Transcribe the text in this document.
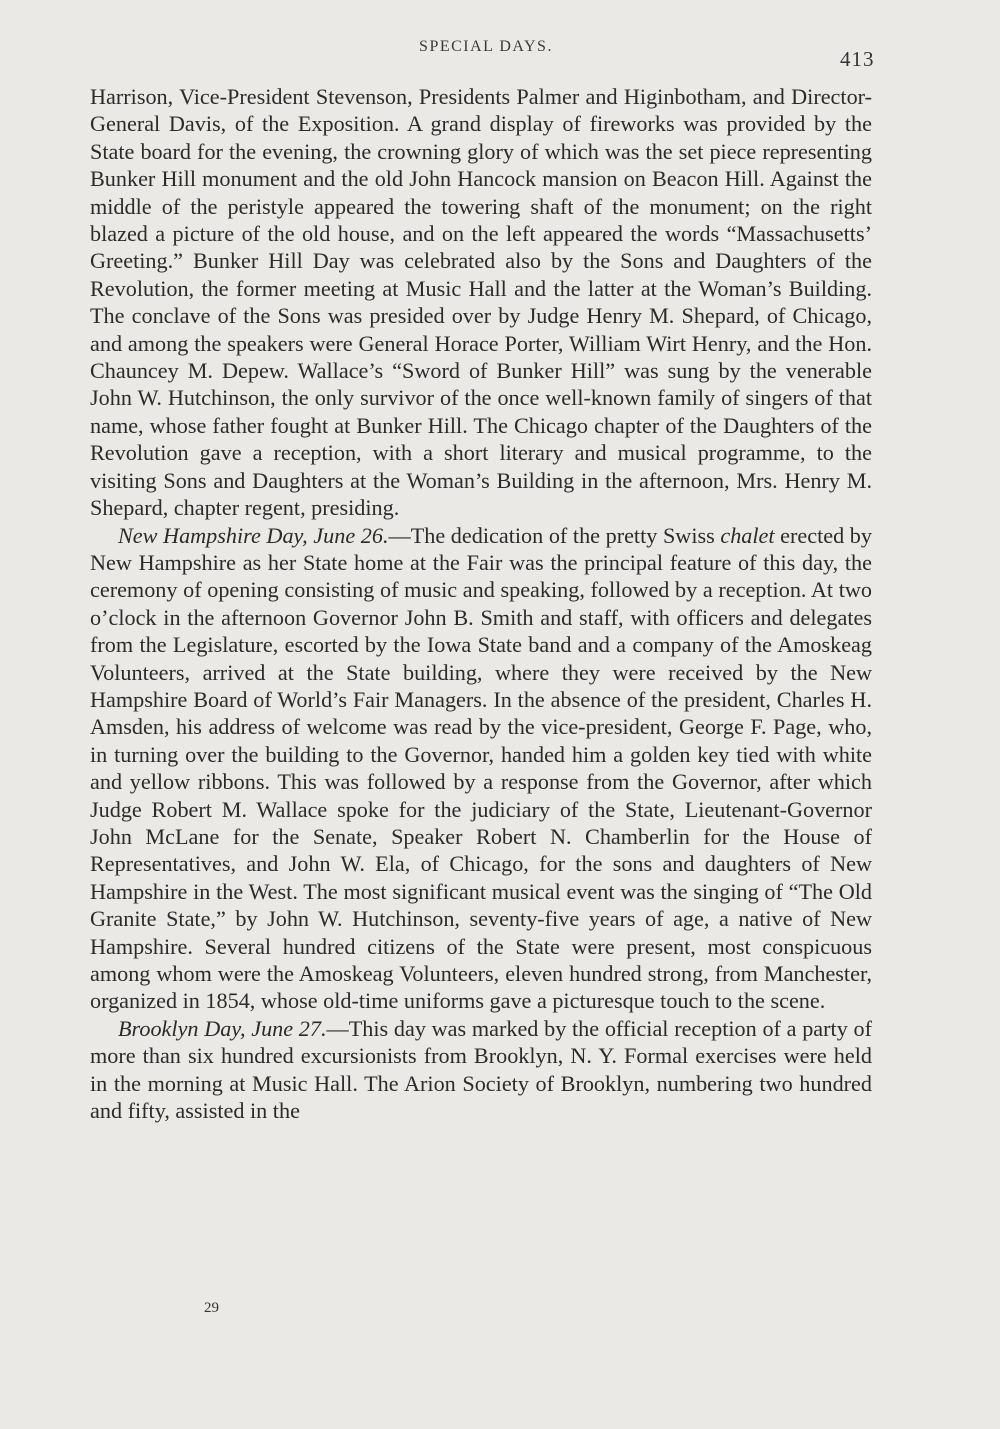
SPECIAL DAYS.
413

Harrison, Vice-President Stevenson, Presidents Palmer and Higinbotham, and Director-General Davis, of the Exposition. A grand display of fireworks was provided by the State board for the evening, the crowning glory of which was the set piece representing Bunker Hill monument and the old John Hancock mansion on Beacon Hill. Against the middle of the peristyle appeared the towering shaft of the monument; on the right blazed a picture of the old house, and on the left appeared the words “Massachusetts’ Greeting.” Bunker Hill Day was celebrated also by the Sons and Daughters of the Revolution, the former meeting at Music Hall and the latter at the Woman’s Building. The conclave of the Sons was presided over by Judge Henry M. Shepard, of Chicago, and among the speakers were General Horace Porter, William Wirt Henry, and the Hon. Chauncey M. Depew. Wallace’s “Sword of Bunker Hill” was sung by the venerable John W. Hutchinson, the only survivor of the once well-known family of singers of that name, whose father fought at Bunker Hill. The Chicago chapter of the Daughters of the Revolution gave a reception, with a short literary and musical programme, to the visiting Sons and Daughters at the Woman’s Building in the afternoon, Mrs. Henry M. Shepard, chapter regent, presiding.

New Hampshire Day, June 26.—The dedication of the pretty Swiss chalet erected by New Hampshire as her State home at the Fair was the principal feature of this day, the ceremony of opening consisting of music and speaking, followed by a reception. At two o’clock in the afternoon Governor John B. Smith and staff, with officers and delegates from the Legislature, escorted by the Iowa State band and a company of the Amoskeag Volunteers, arrived at the State building, where they were received by the New Hampshire Board of World’s Fair Managers. In the absence of the president, Charles H. Amsden, his address of welcome was read by the vice-president, George F. Page, who, in turning over the building to the Governor, handed him a golden key tied with white and yellow ribbons. This was followed by a response from the Governor, after which Judge Robert M. Wallace spoke for the judiciary of the State, Lieutenant-Governor John McLane for the Senate, Speaker Robert N. Chamberlin for the House of Representatives, and John W. Ela, of Chicago, for the sons and daughters of New Hampshire in the West. The most significant musical event was the singing of “The Old Granite State,” by John W. Hutchinson, seventy-five years of age, a native of New Hampshire. Several hundred citizens of the State were present, most conspicuous among whom were the Amoskeag Volunteers, eleven hundred strong, from Manchester, organized in 1854, whose old-time uniforms gave a picturesque touch to the scene.

Brooklyn Day, June 27.—This day was marked by the official reception of a party of more than six hundred excursionists from Brooklyn, N. Y. Formal exercises were held in the morning at Music Hall. The Arion Society of Brooklyn, numbering two hundred and fifty, assisted in the

29
